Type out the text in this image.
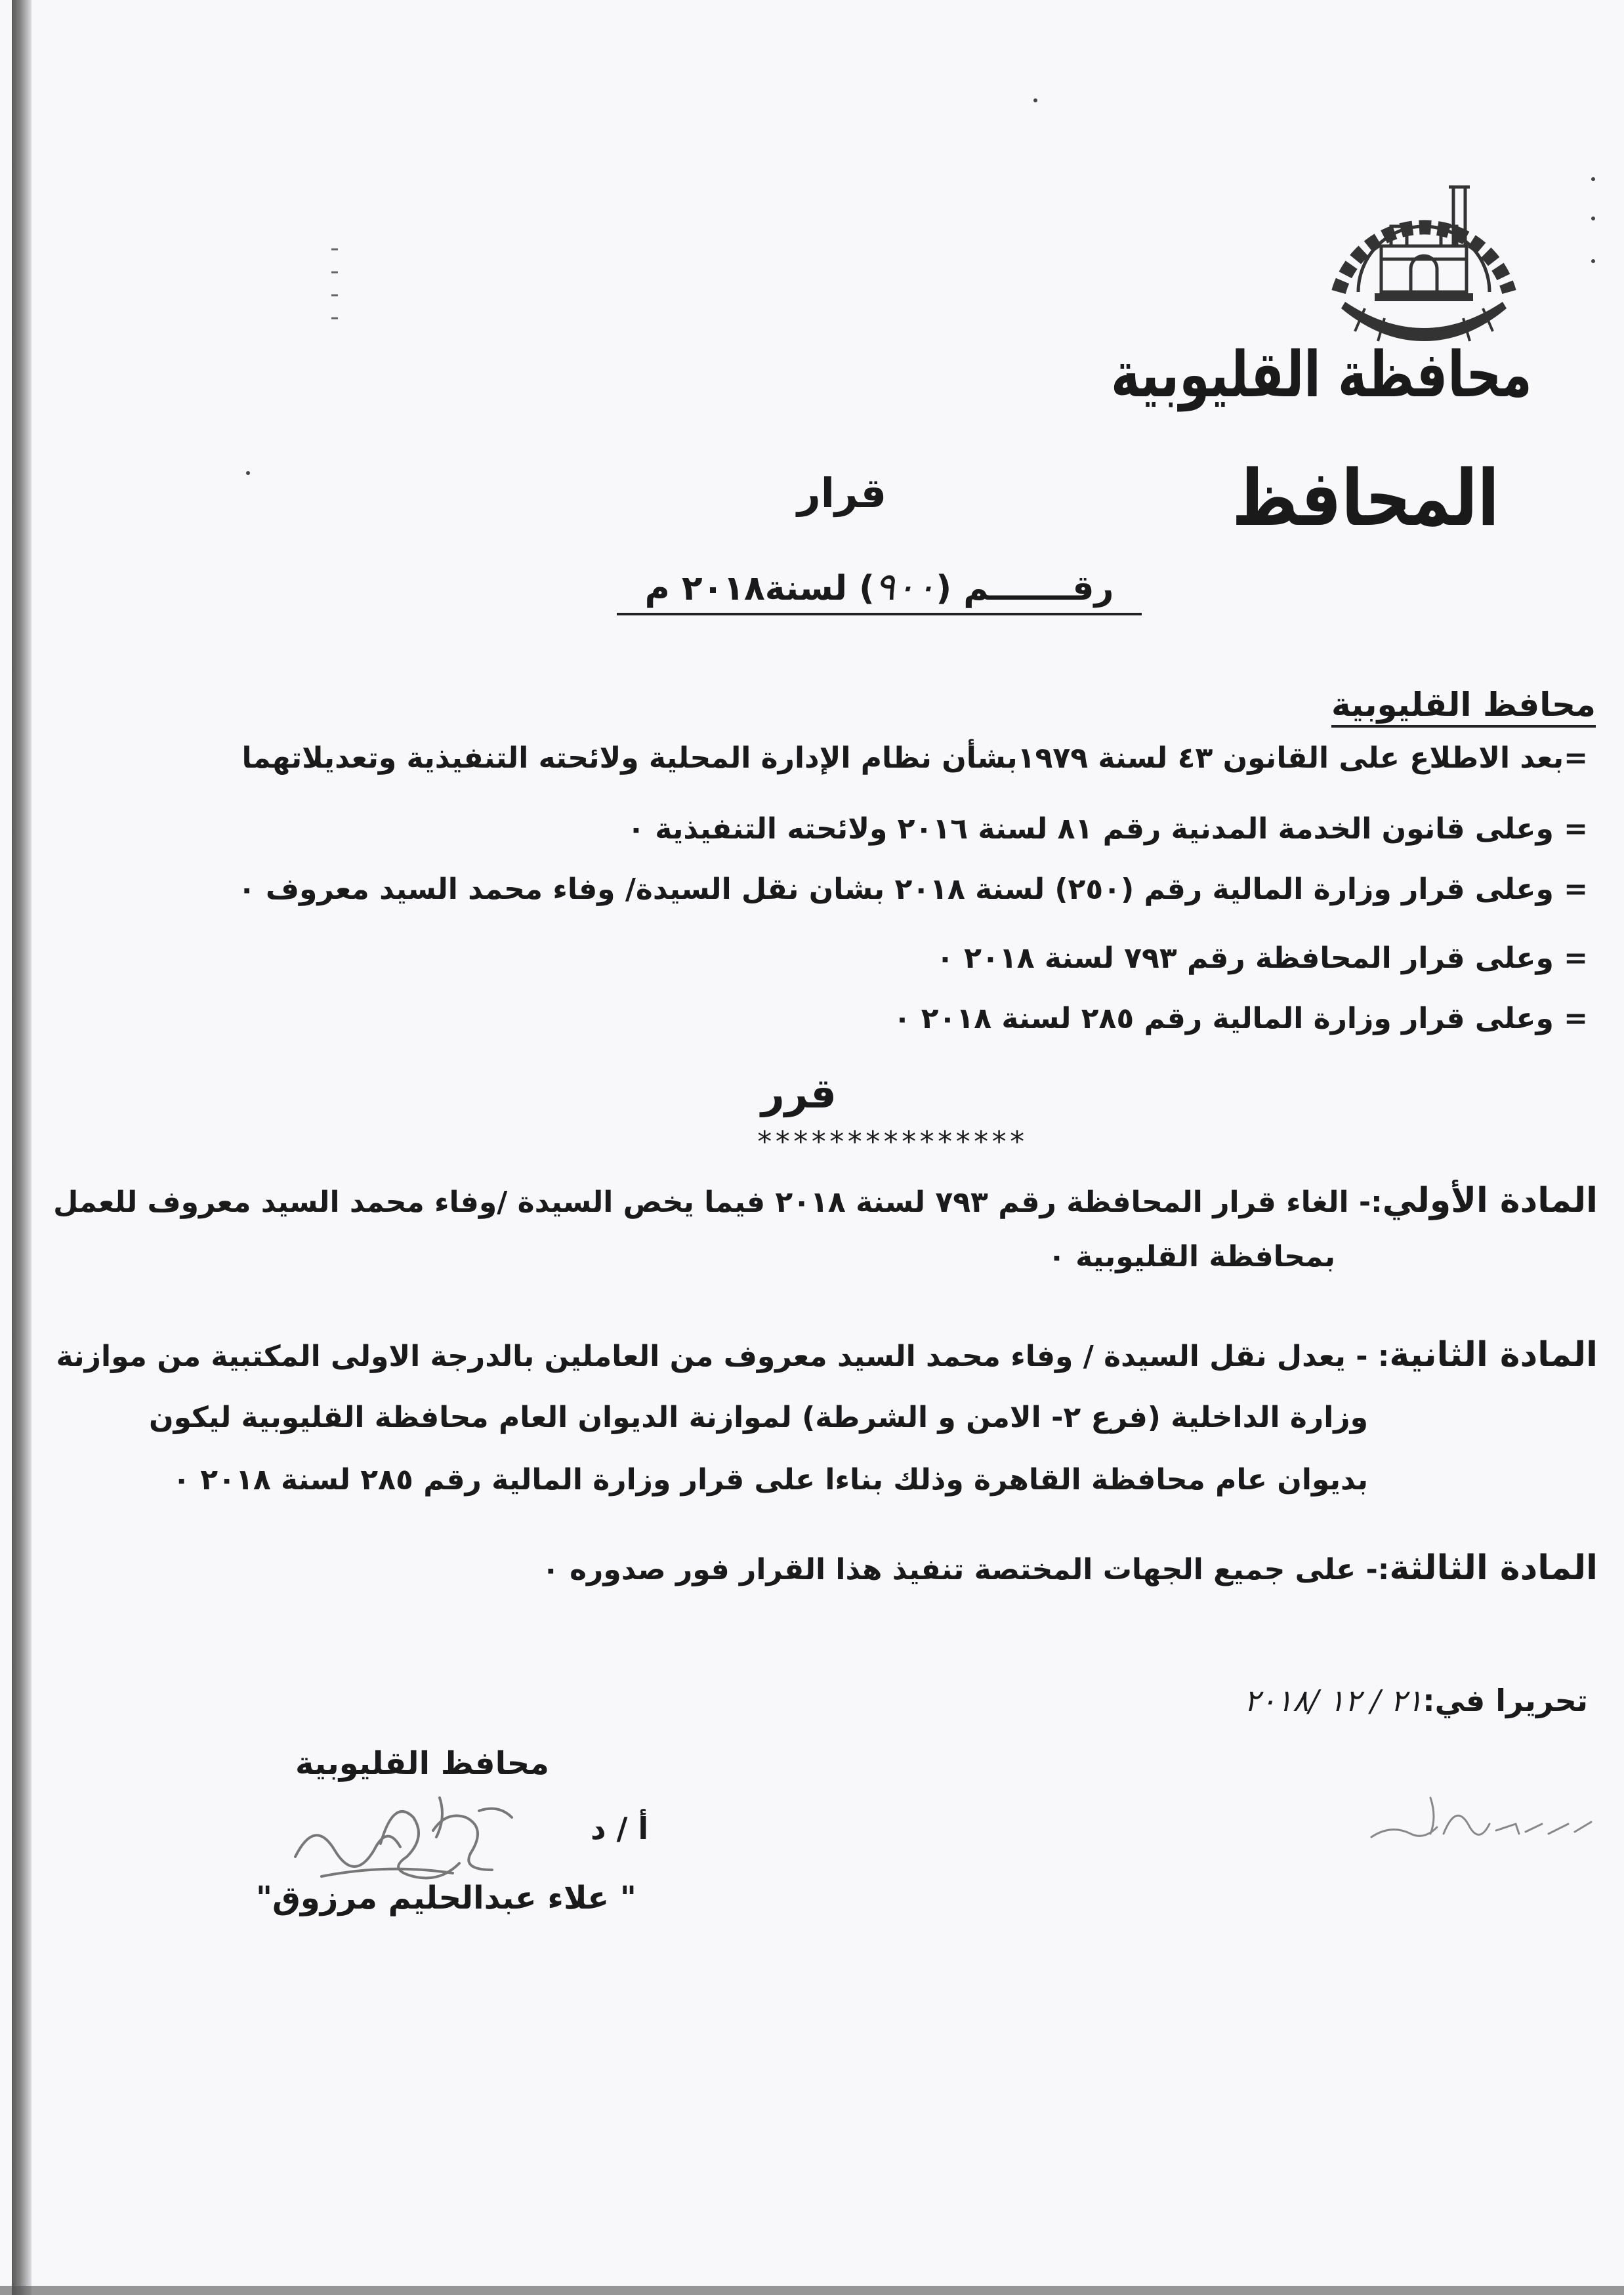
محافظة القليوبية
المحافظ
قرار
رقـــــــم (٩٠٠) لسنة٢٠١٨ م
محافظ القليوبية
=بعد الاطلاع على القانون ٤٣ لسنة ١٩٧٩بشأن نظام الإدارة المحلية ولائحته التنفيذية وتعديلاتهما
= وعلى قانون الخدمة المدنية رقم ٨١ لسنة ٢٠١٦ ولائحته التنفيذية ٠
= وعلى قرار وزارة المالية رقم (٢٥٠) لسنة ٢٠١٨ بشان نقل السيدة/ وفاء محمد السيد معروف ٠
= وعلى قرار المحافظة رقم ٧٩٣ لسنة ٢٠١٨ ٠
= وعلى قرار وزارة المالية رقم ٢٨٥ لسنة ٢٠١٨ ٠
قرر
***************
المادة الأولي:- الغاء قرار المحافظة رقم ٧٩٣ لسنة ٢٠١٨ فيما يخص السيدة /وفاء محمد السيد معروف للعمل
بمحافظة القليوبية ٠
المادة الثانية: - يعدل نقل السيدة / وفاء محمد السيد معروف من العاملين بالدرجة الاولى المكتبية من موازنة
وزارة الداخلية (فرع ٢- الامن و الشرطة) لموازنة الديوان العام محافظة القليوبية ليكون
بديوان عام محافظة القاهرة وذلك بناءا على قرار وزارة المالية رقم ٢٨٥ لسنة ٢٠١٨ ٠
المادة الثالثة:- على جميع الجهات المختصة تنفيذ هذا القرار فور صدوره ٠
تحريرا في:٢١ / ١٢ /٢٠١٨
محافظ القليوبية
أ / د
" علاء عبدالحليم مرزوق"
